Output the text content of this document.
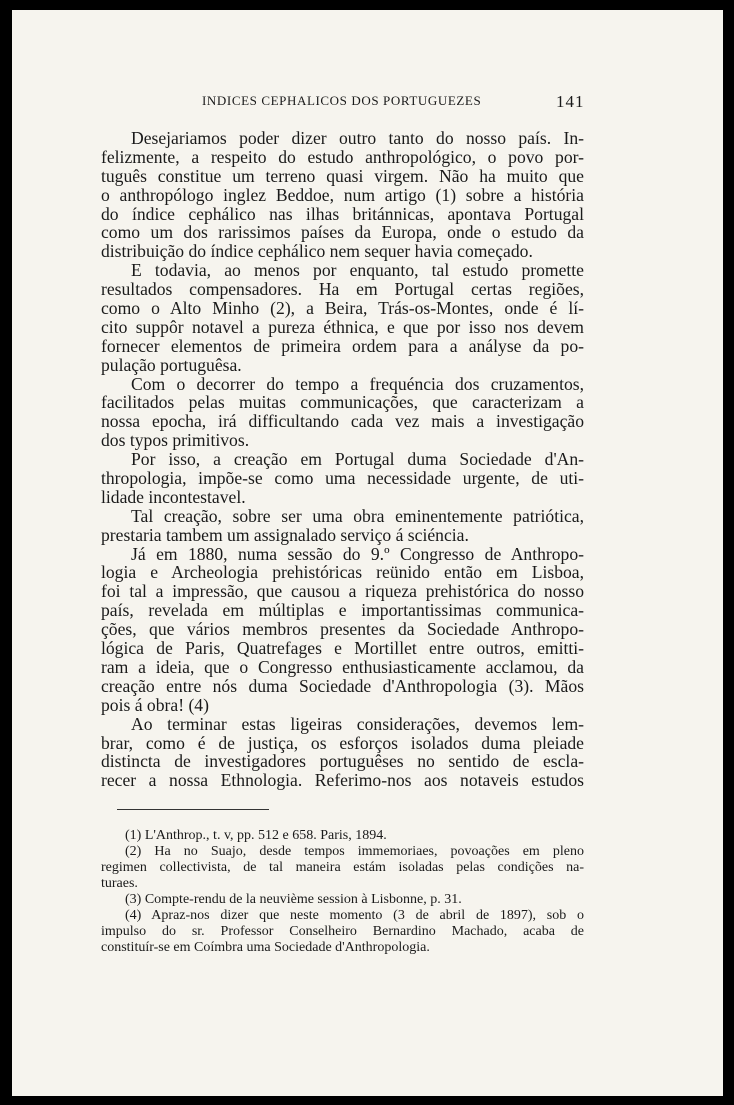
INDICES CEPHALICOS DOS PORTUGUEZES	141
Desejariamos poder dizer outro tanto do nosso país. In-
felizmente, a respeito do estudo anthropológico, o povo por-
tuguês constitue um terreno quasi virgem. Não ha muito que
o anthropólogo inglez Beddoe, num artigo (1) sobre a história
do índice cephálico nas ilhas británnicas, apontava Portugal
como um dos rarissimos países da Europa, onde o estudo da
distribuição do índice cephálico nem sequer havia começado.
E todavia, ao menos por enquanto, tal estudo promette
resultados compensadores. Ha em Portugal certas regiões,
como o Alto Minho (2), a Beira, Trás-os-Montes, onde é lí-
cito suppôr notavel a pureza éthnica, e que por isso nos devem
fornecer elementos de primeira ordem para a anályse da po-
pulação portuguêsa.
Com o decorrer do tempo a frequéncia dos cruzamentos,
facilitados pelas muitas communicações, que caracterizam a
nossa epocha, irá difficultando cada vez mais a investigação
dos typos primitivos.
Por isso, a creação em Portugal duma Sociedade d'An-
thropologia, impõe-se como uma necessidade urgente, de uti-
lidade incontestavel.
Tal creação, sobre ser uma obra eminentemente patriótica,
prestaria tambem um assignalado serviço á sciéncia.
Já em 1880, numa sessão do 9.º Congresso de Anthropo-
logia e Archeologia prehistóricas reünido então em Lisboa,
foi tal a impressão, que causou a riqueza prehistórica do nosso
país, revelada em múltiplas e importantissimas communica-
ções, que vários membros presentes da Sociedade Anthropo-
lógica de Paris, Quatrefages e Mortillet entre outros, emitti-
ram a ideia, que o Congresso enthusiasticamente acclamou, da
creação entre nós duma Sociedade d'Anthropologia (3). Mãos
pois á obra! (4)
Ao terminar estas ligeiras considerações, devemos lem-
brar, como é de justiça, os esforços isolados duma pleiade
distincta de investigadores portuguêses no sentido de escla-
recer a nossa Ethnologia. Referimo-nos aos notaveis estudos
(1) L'Anthrop., t. v, pp. 512 e 658. Paris, 1894.
(2) Ha no Suajo, desde tempos immemoriaes, povoações em pleno
regimen collectivista, de tal maneira estám isoladas pelas condições na-
turaes.
(3) Compte-rendu de la neuvième session à Lisbonne, p. 31.
(4) Apraz-nos dizer que neste momento (3 de abril de 1897), sob o
impulso do sr. Professor Conselheiro Bernardino Machado, acaba de
constituír-se em Coímbra uma Sociedade d'Anthropologia.
